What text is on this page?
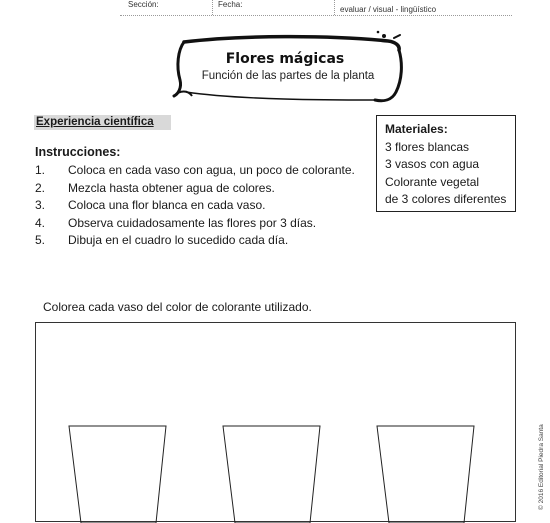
Sección:	Fecha:
evaluar / visual - lingüístico
Flores mágicas
Función de las partes de la planta
Experiencia científica	Materiales:
3 flores blancas
3 vasos con agua
Colorante vegetal
de 3 colores diferentes
Instrucciones:
1.	Coloca en cada vaso con agua, un poco de colorante.
2.	Mezcla hasta obtener agua de colores.
3.	Coloca una flor blanca en cada vaso.
4.	Observa cuidadosamente las flores por 3 días.
5.	Dibuja en el cuadro lo sucedido cada día.
Colorea cada vaso del color de colorante utilizado.
© 2016 Editorial Piedra Santa
